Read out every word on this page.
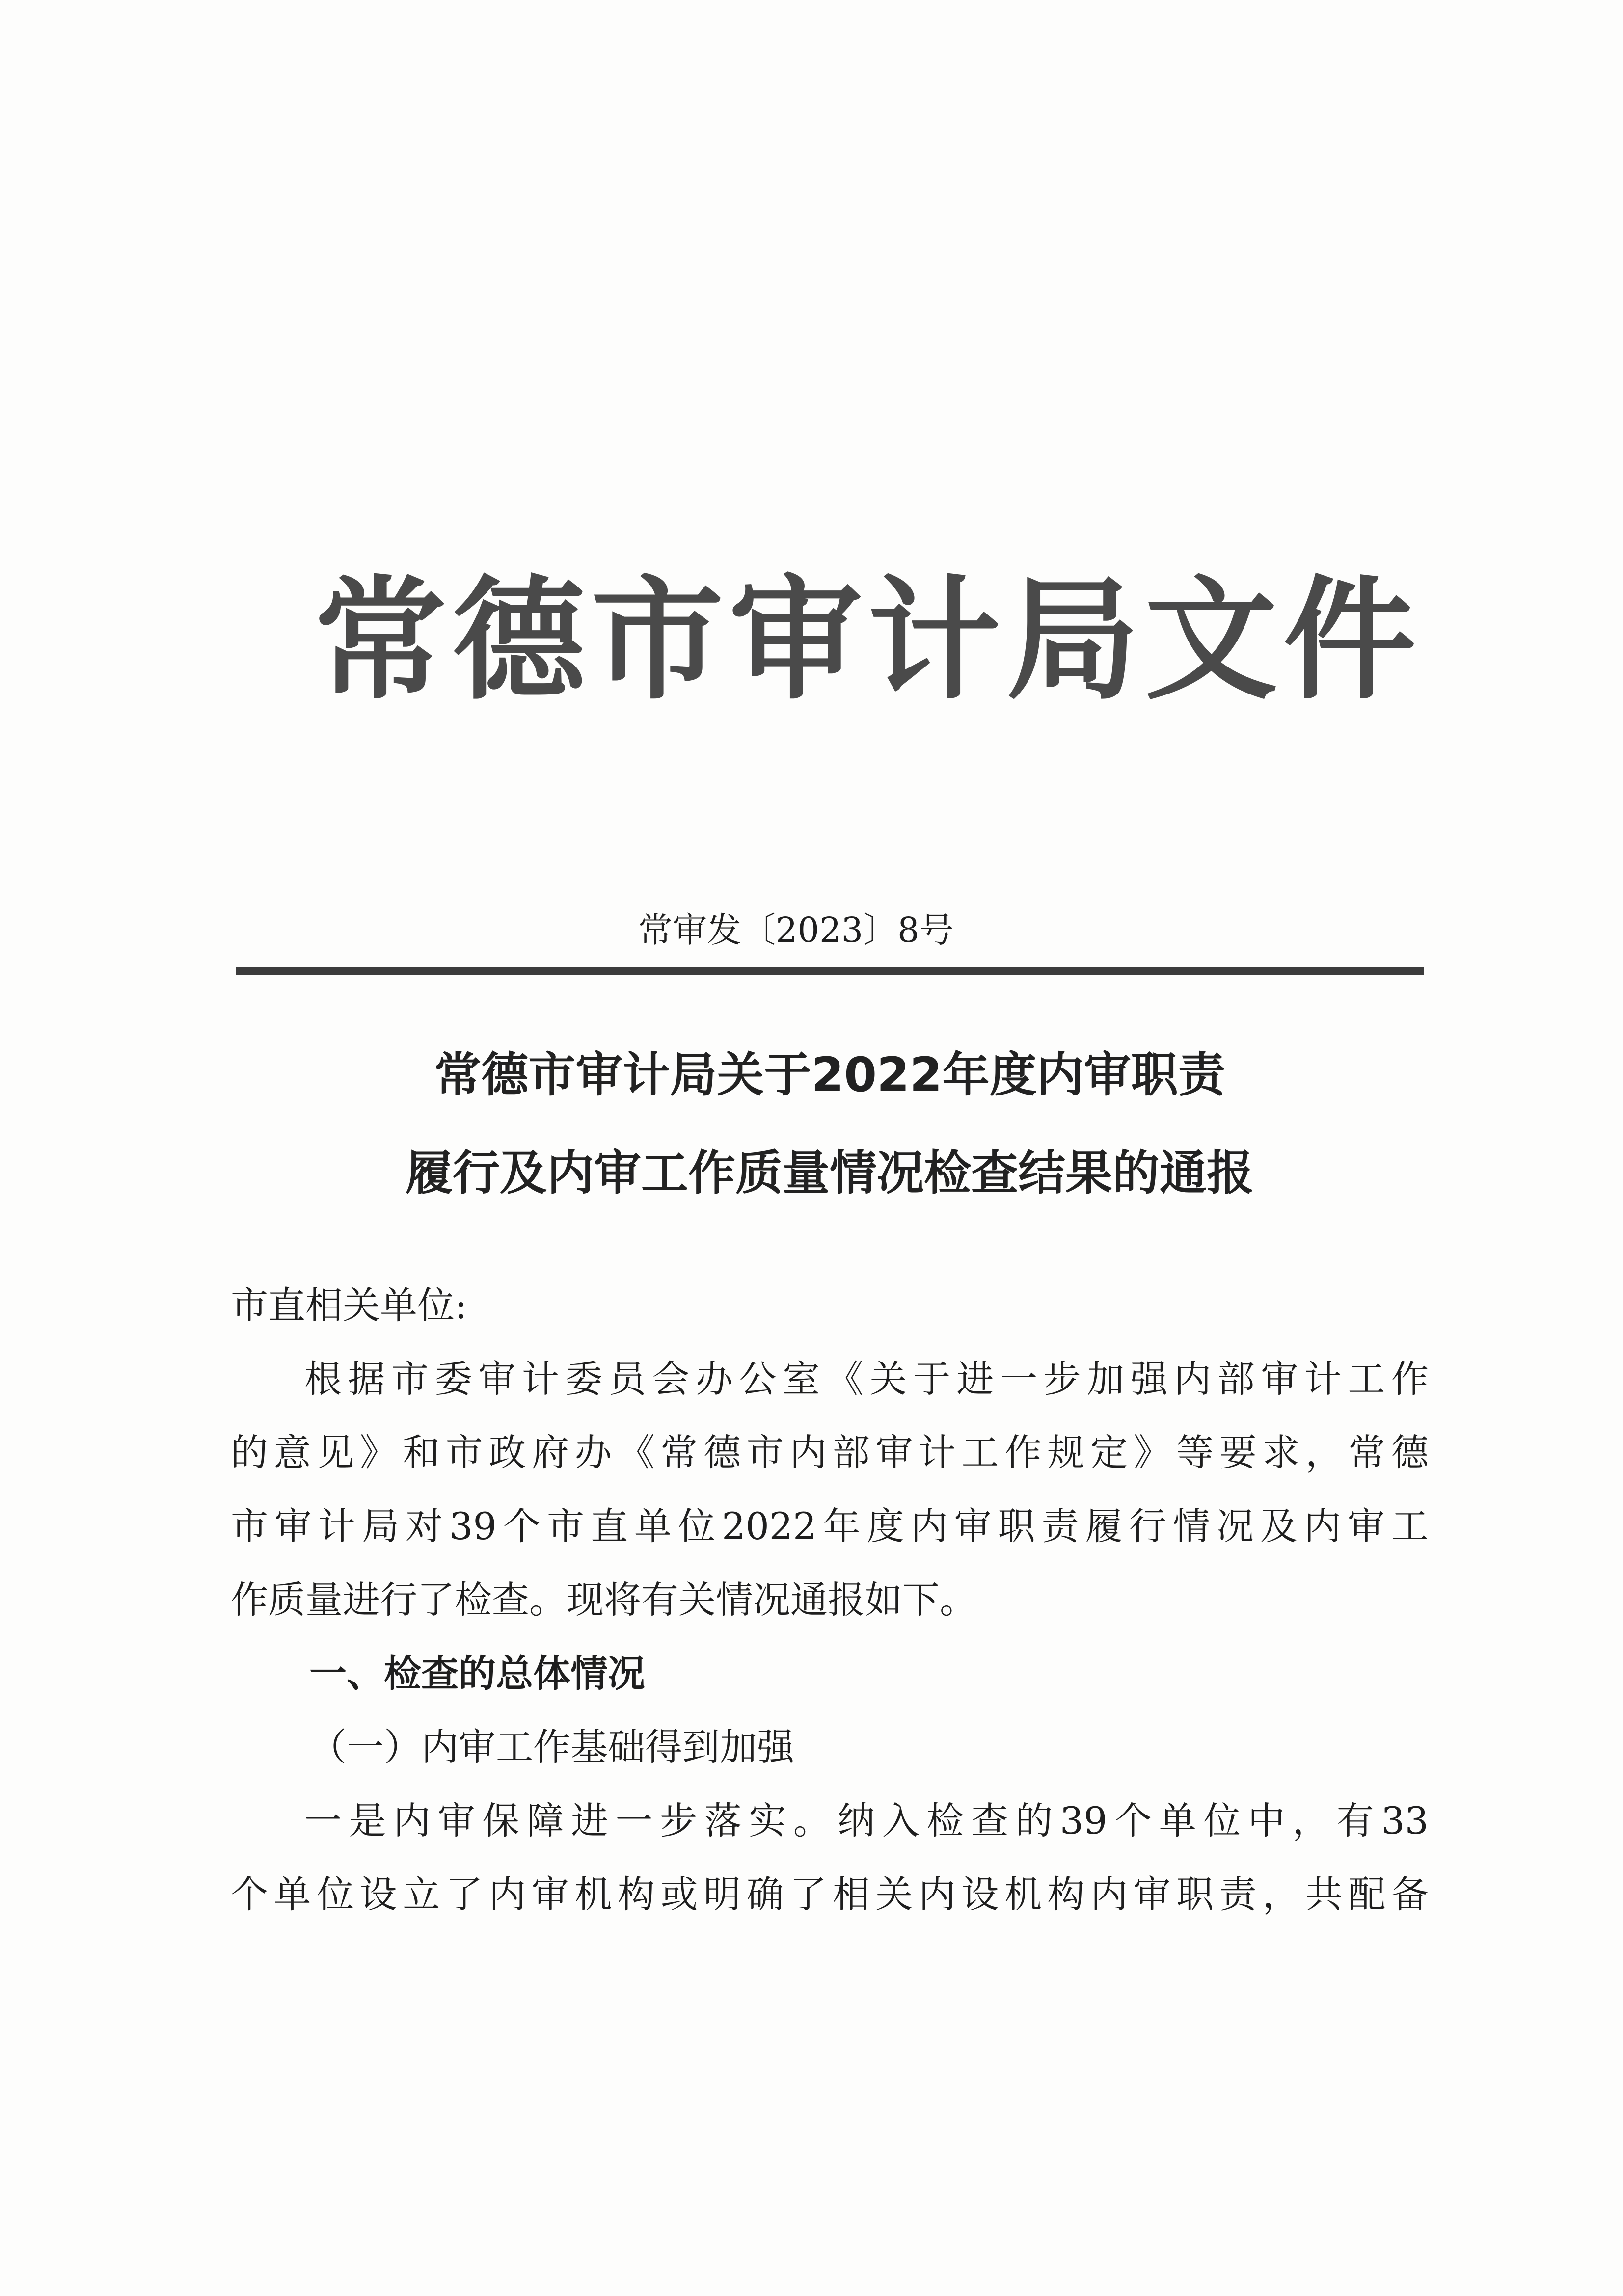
常德市审计局文件
常审发〔2023〕8号
常德市审计局关于2022年度内审职责
履行及内审工作质量情况检查结果的通报
市直相关单位:
根据市委审计委员会办公室《关于进一步加强内部审计工作
的意见》和市政府办《常德市内部审计工作规定》等要求，常德
市审计局对39个市直单位2022年度内审职责履行情况及内审工
作质量进行了检查。现将有关情况通报如下。
一、检查的总体情况
（一）内审工作基础得到加强
一是内审保障进一步落实。纳入检查的39个单位中，有33
个单位设立了内审机构或明确了相关内设机构内审职责，共配备
